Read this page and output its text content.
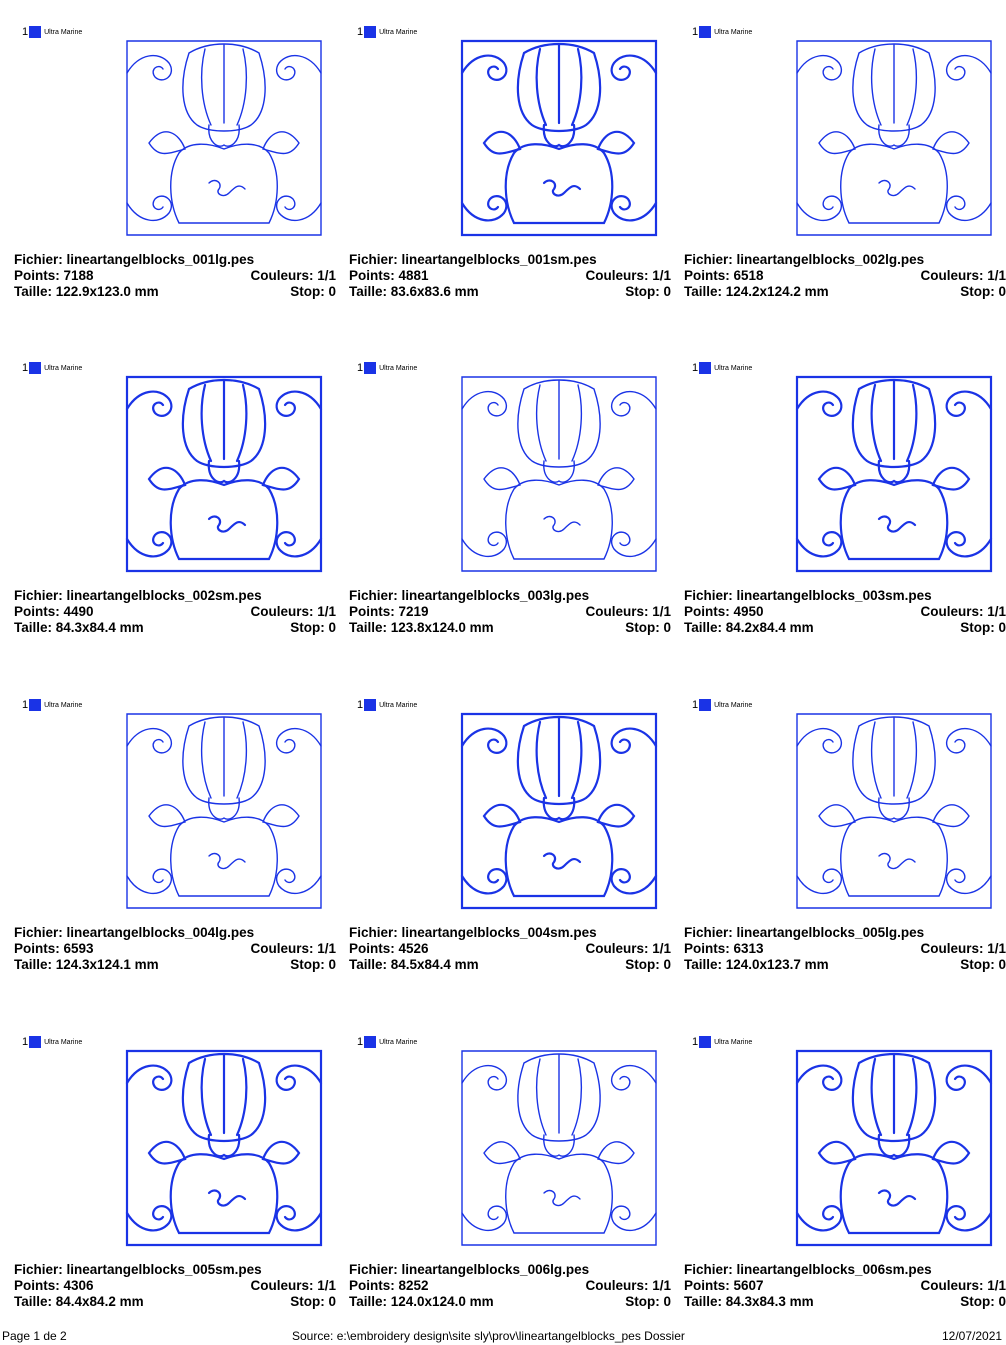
1 Ultra Marine
Fichier: lineartangelblocks_001lg.pes
Points: 7188	Couleurs: 1/1
Taille: 122.9x123.0 mm	Stop: 0
1 Ultra Marine
Fichier: lineartangelblocks_001sm.pes
Points: 4881	Couleurs: 1/1
Taille: 83.6x83.6 mm	Stop: 0
1 Ultra Marine
Fichier: lineartangelblocks_002lg.pes
Points: 6518	Couleurs: 1/1
Taille: 124.2x124.2 mm	Stop: 0
1 Ultra Marine
Fichier: lineartangelblocks_002sm.pes
Points: 4490	Couleurs: 1/1
Taille: 84.3x84.4 mm	Stop: 0
1 Ultra Marine
Fichier: lineartangelblocks_003lg.pes
Points: 7219	Couleurs: 1/1
Taille: 123.8x124.0 mm	Stop: 0
1 Ultra Marine
Fichier: lineartangelblocks_003sm.pes
Points: 4950	Couleurs: 1/1
Taille: 84.2x84.4 mm	Stop: 0
1 Ultra Marine
Fichier: lineartangelblocks_004lg.pes
Points: 6593	Couleurs: 1/1
Taille: 124.3x124.1 mm	Stop: 0
1 Ultra Marine
Fichier: lineartangelblocks_004sm.pes
Points: 4526	Couleurs: 1/1
Taille: 84.5x84.4 mm	Stop: 0
1 Ultra Marine
Fichier: lineartangelblocks_005lg.pes
Points: 6313	Couleurs: 1/1
Taille: 124.0x123.7 mm	Stop: 0
1 Ultra Marine
Fichier: lineartangelblocks_005sm.pes
Points: 4306	Couleurs: 1/1
Taille: 84.4x84.2 mm	Stop: 0
1 Ultra Marine
Fichier: lineartangelblocks_006lg.pes
Points: 8252	Couleurs: 1/1
Taille: 124.0x124.0 mm	Stop: 0
1 Ultra Marine
Fichier: lineartangelblocks_006sm.pes
Points: 5607	Couleurs: 1/1
Taille: 84.3x84.3 mm	Stop: 0
Page 1 de 2	Source: e:\embroidery design\site sly\prov\lineartangelblocks_pes Dossier	12/07/2021
